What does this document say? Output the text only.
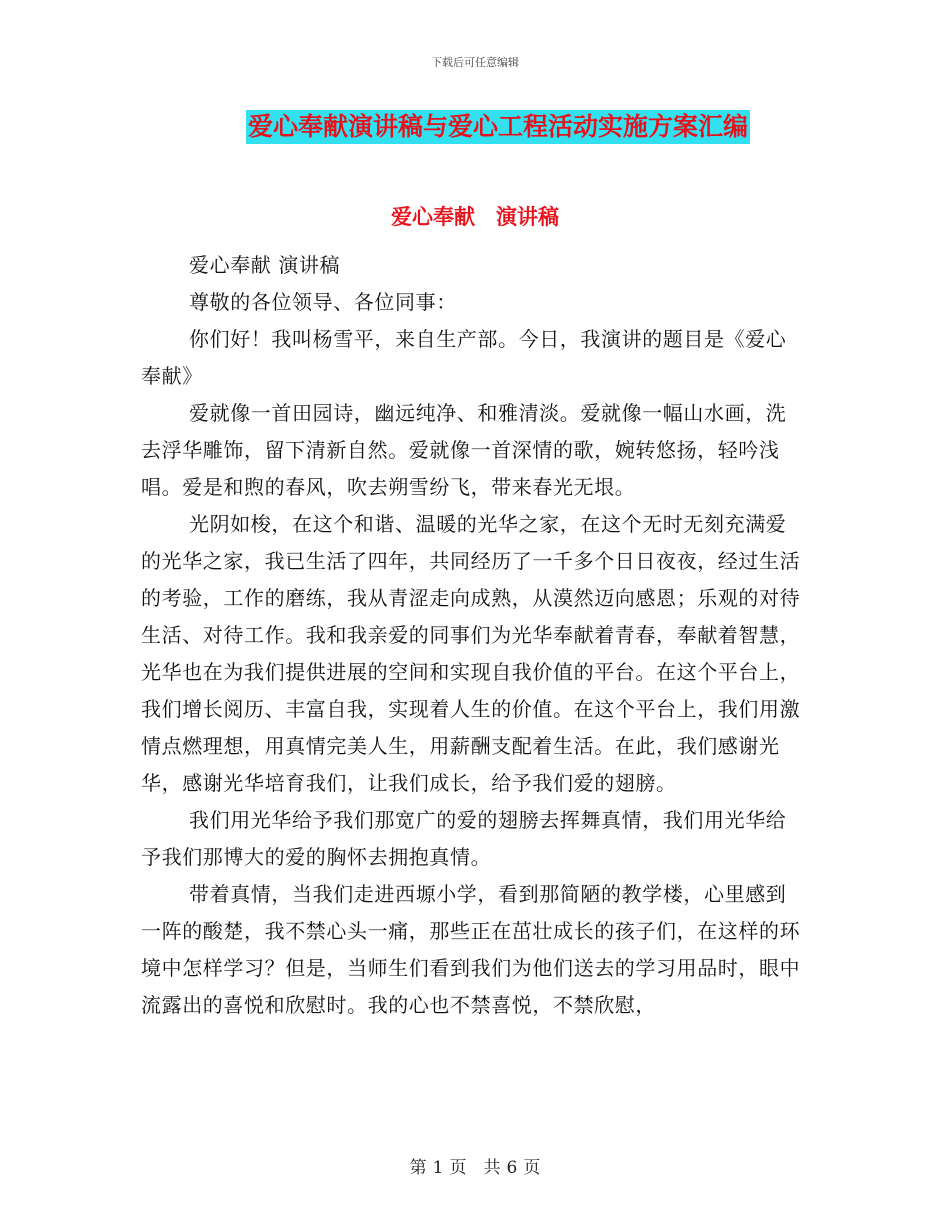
下载后可任意编辑
爱心奉献演讲稿与爱心工程活动实施方案汇编
爱心奉献　演讲稿

爱心奉献 演讲稿

尊敬的各位领导、各位同事：

你们好！我叫杨雪平，来自生产部。今日，我演讲的题目是《爱心奉献》

爱就像一首田园诗，幽远纯净、和雅清淡。爱就像一幅山水画，洗去浮华雕饰，留下清新自然。爱就像一首深情的歌，婉转悠扬，轻吟浅唱。爱是和煦的春风，吹去朔雪纷飞，带来春光无垠。

光阴如梭，在这个和谐、温暖的光华之家，在这个无时无刻充满爱的光华之家，我已生活了四年，共同经历了一千多个日日夜夜，经过生活的考验，工作的磨练，我从青涩走向成熟，从漠然迈向感恩；乐观的对待生活、对待工作。我和我亲爱的同事们为光华奉献着青春，奉献着智慧，光华也在为我们提供进展的空间和实现自我价值的平台。在这个平台上，我们增长阅历、丰富自我，实现着人生的价值。在这个平台上，我们用激情点燃理想，用真情完美人生，用薪酬支配着生活。在此，我们感谢光华，感谢光华培育我们，让我们成长，给予我们爱的翅膀。

我们用光华给予我们那宽广的爱的翅膀去挥舞真情，我们用光华给予我们那博大的爱的胸怀去拥抱真情。

带着真情，当我们走进西塬小学，看到那简陋的教学楼，心里感到一阵的酸楚，我不禁心头一痛，那些正在茁壮成长的孩子们，在这样的环境中怎样学习？但是，当师生们看到我们为他们送去的学习用品时，眼中流露出的喜悦和欣慰时。我的心也不禁喜悦，不禁欣慰，

第 1 页　共 6 页
